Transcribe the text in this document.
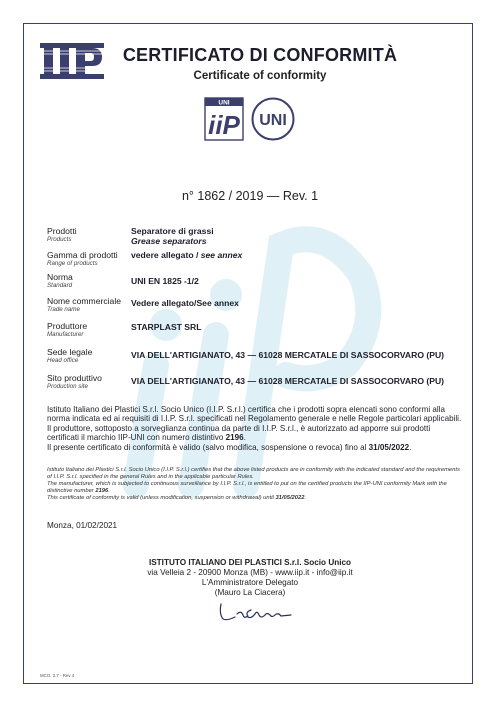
CERTIFICATO DI CONFORMITÀ
Certificate of conformity
UNI
iiP UNI
n° 1862 / 2019 — Rev. 1
Prodotti
Products
Separatore di grassi
Grease separators
Gamma di prodotti
Range of products
vedere allegato / see annex
Norma
Standard	UNI EN 1825 -1/2
Nome commerciale
Trade name
Vedere allegato/See annex
Produttore
Manufacturer
STARPLAST SRL
Sede legale
Head office
VIA DELL'ARTIGIANATO, 43 — 61028 MERCATALE DI SASSOCORVARO (PU)
Sito produttivo
Production site
VIA DELL'ARTIGIANATO, 43 — 61028 MERCATALE DI SASSOCORVARO (PU)
Istituto Italiano dei Plastici S.r.l. Socio Unico (I.I.P. S.r.l.) certifica che i prodotti sopra elencati sono conformi alla norma indicata ed ai requisiti di I.I.P. S.r.l. specificati nel Regolamento generale e nelle Regole particolari applicabili.
Il produttore, sottoposto a sorveglianza continua da parte di I.I.P. S.r.l., è autorizzato ad apporre sui prodotti certificati il marchio IIP-UNI con numero distintivo 2196.
Il presente certificato di conformità è valido (salvo modifica, sospensione o revoca) fino al 31/05/2022.
Istituto Italiano dei Plastici S.r.l. Socio Unico (I.I.P. S.r.l.) certifies that the above listed products are in conformity with the indicated standard and the requirements of I.I.P. S.r.l. specified in the general Rules and in the applicable particular Rules.
The manufacturer, which is subjected to continuous surveillance by I.I.P. S.r.l., is entitled to put on the certified products the IIP-UNI conformity Mark with the distinctive number 2196.
This certificate of conformity is valid (unless modification, suspension or withdrawal) until 31/05/2022.
Monza, 01/02/2021
ISTITUTO ITALIANO DEI PLASTICI S.r.l. Socio Unico
via Velleia 2 - 20900 Monza (MB) - www.iip.it - info@iip.it
L'Amministratore Delegato
(Mauro La Ciacera)
MCO. 3.7 - Rev 4
